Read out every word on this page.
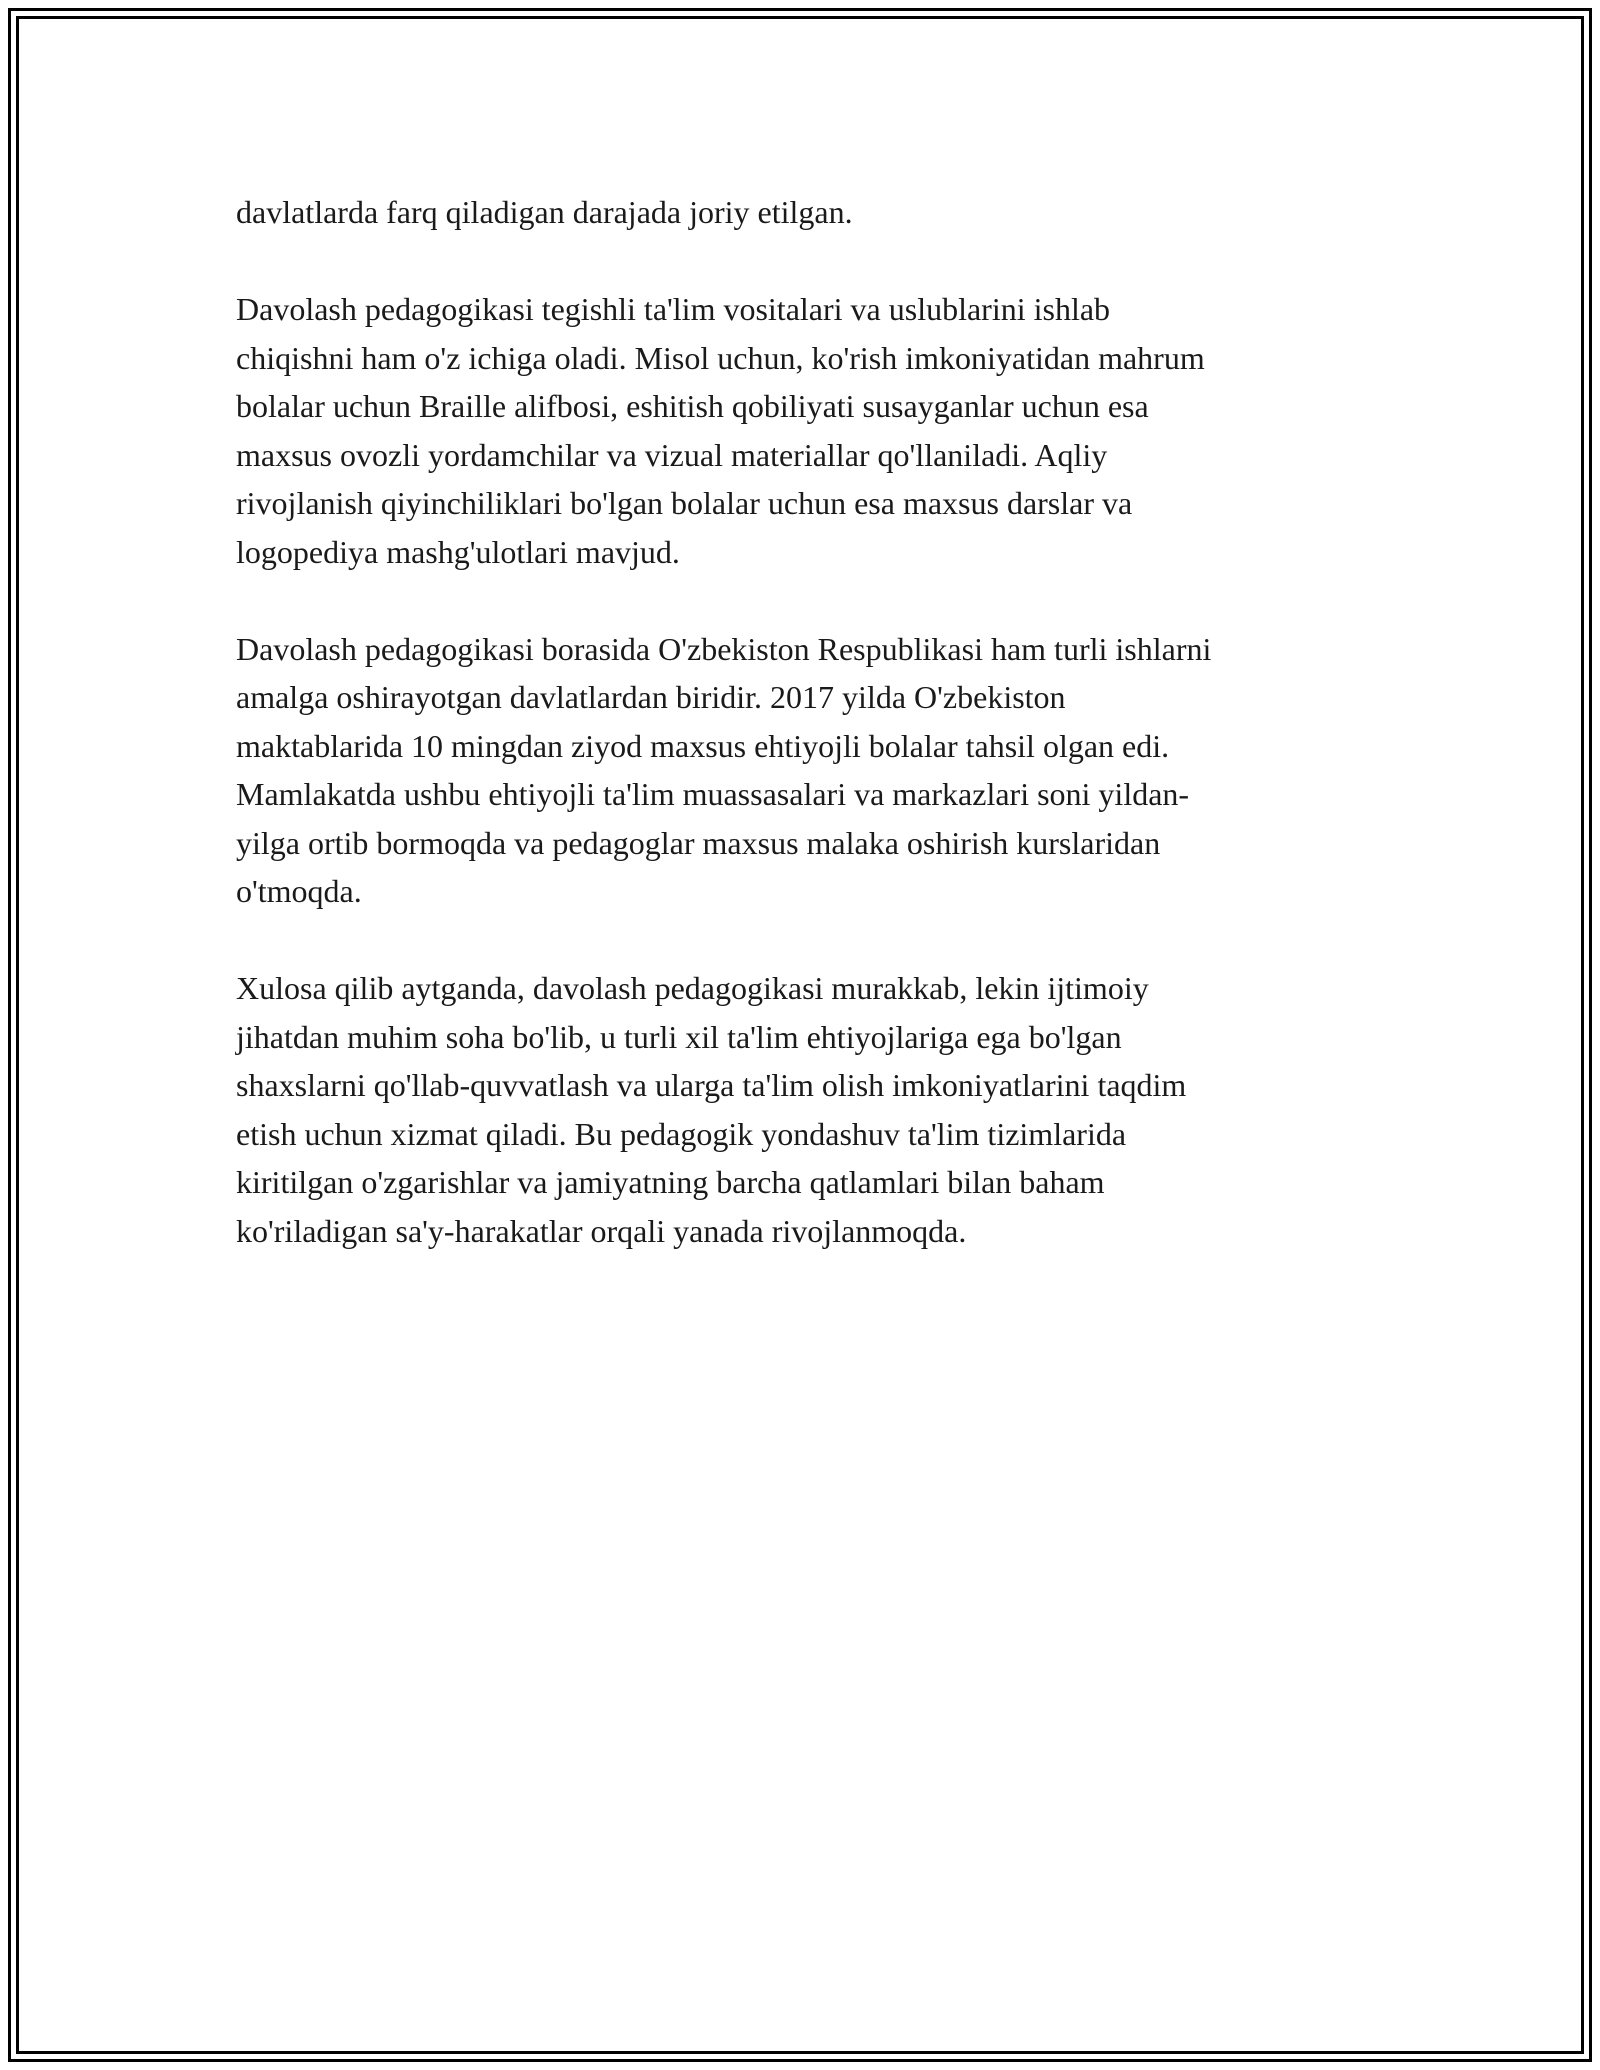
davlatlarda farq qiladigan darajada joriy etilgan.

Davolash pedagogikasi tegishli ta'lim vositalari va uslublarini ishlab
chiqishni ham o'z ichiga oladi. Misol uchun, ko'rish imkoniyatidan mahrum
bolalar uchun Braille alifbosi, eshitish qobiliyati susayganlar uchun esa
maxsus ovozli yordamchilar va vizual materiallar qo'llaniladi. Aqliy
rivojlanish qiyinchiliklari bo'lgan bolalar uchun esa maxsus darslar va
logopediya mashg'ulotlari mavjud.

Davolash pedagogikasi borasida O'zbekiston Respublikasi ham turli ishlarni
amalga oshirayotgan davlatlardan biridir. 2017 yilda O'zbekiston
maktablarida 10 mingdan ziyod maxsus ehtiyojli bolalar tahsil olgan edi.
Mamlakatda ushbu ehtiyojli ta'lim muassasalari va markazlari soni yildan-
yilga ortib bormoqda va pedagoglar maxsus malaka oshirish kurslaridan
o'tmoqda.

Xulosa qilib aytganda, davolash pedagogikasi murakkab, lekin ijtimoiy
jihatdan muhim soha bo'lib, u turli xil ta'lim ehtiyojlariga ega bo'lgan
shaxslarni qo'llab-quvvatlash va ularga ta'lim olish imkoniyatlarini taqdim
etish uchun xizmat qiladi. Bu pedagogik yondashuv ta'lim tizimlarida
kiritilgan o'zgarishlar va jamiyatning barcha qatlamlari bilan baham
ko'riladigan sa'y-harakatlar orqali yanada rivojlanmoqda.
